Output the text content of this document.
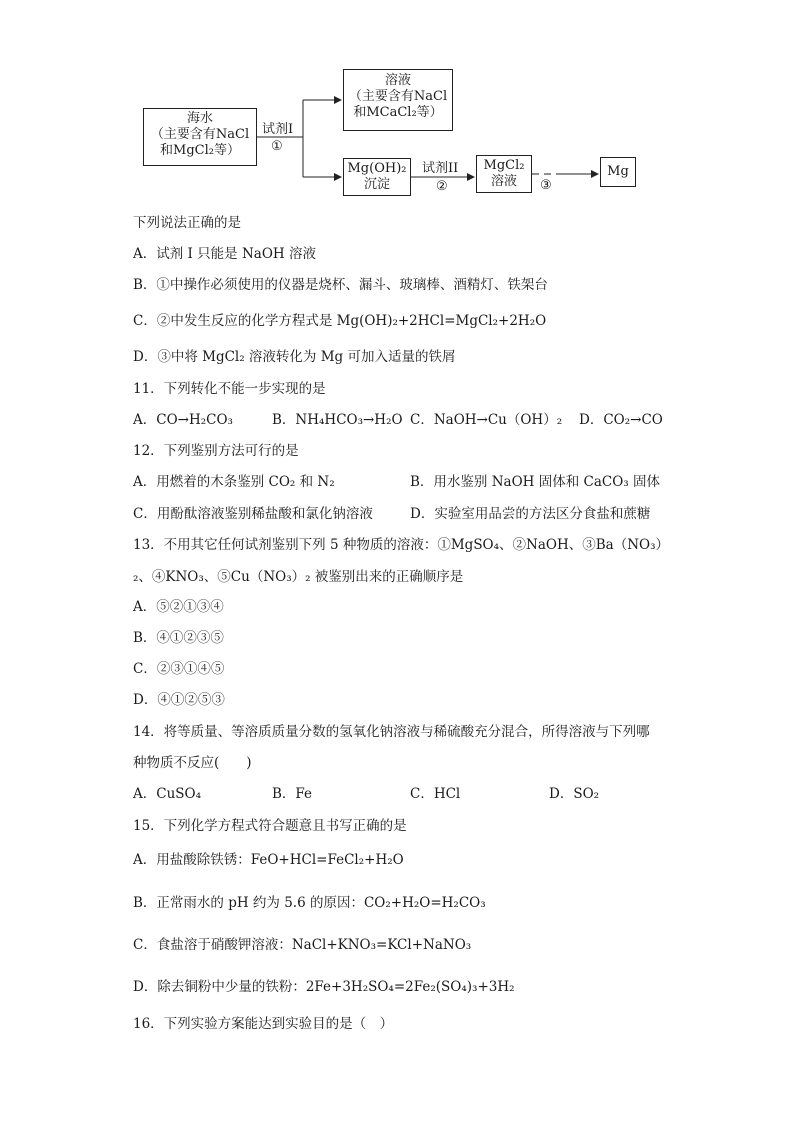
海水
（主要含有NaCl
和MgCl₂等）
试剂I
①
溶液
（主要含有NaCl
和MCaCl₂等）
Mg(OH)₂
沉淀
试剂II
②
MgCl₂
溶液	③
Mg
下列说法正确的是
A．试剂 I 只能是 NaOH 溶液
B．①中操作必须使用的仪器是烧杯、漏斗、玻璃棒、酒精灯、铁架台
C．②中发生反应的化学方程式是 Mg(OH)₂+2HCl=MgCl₂+2H₂O
D．③中将 MgCl₂ 溶液转化为 Mg 可加入适量的铁屑
11．下列转化不能一步实现的是
A．CO→H₂CO₃	B．NH₄HCO₃→H₂O C．NaOH→Cu（OH）₂ D．CO₂→CO
12．下列鉴别方法可行的是
A．用燃着的木条鉴别 CO₂ 和 N₂	B．用水鉴别 NaOH 固体和 CaCO₃ 固体
C．用酚酞溶液鉴别稀盐酸和氯化钠溶液	D．实验室用品尝的方法区分食盐和蔗糖
13．不用其它任何试剂鉴别下列 5 种物质的溶液：①MgSO₄、②NaOH、③Ba（NO₃）
₂、④KNO₃、⑤Cu（NO₃）₂ 被鉴别出来的正确顺序是
A．⑤②①③④
B．④①②③⑤
C．②③①④⑤
D．④①②⑤③
14．将等质量、等溶质质量分数的氢氧化钠溶液与稀硫酸充分混合，所得溶液与下列哪
种物质不反应(　　)
A．CuSO₄	B．Fe	C．HCl	D．SO₂
15．下列化学方程式符合题意且书写正确的是
A．用盐酸除铁锈：FeO+HCl=FeCl₂+H₂O
B．正常雨水的 pH 约为 5.6 的原因：CO₂+H₂O=H₂CO₃
C．食盐溶于硝酸钾溶液：NaCl+KNO₃=KCl+NaNO₃
D．除去铜粉中少量的铁粉：2Fe+3H₂SO₄=2Fe₂(SO₄)₃+3H₂
16．下列实验方案能达到实验目的是（　）
